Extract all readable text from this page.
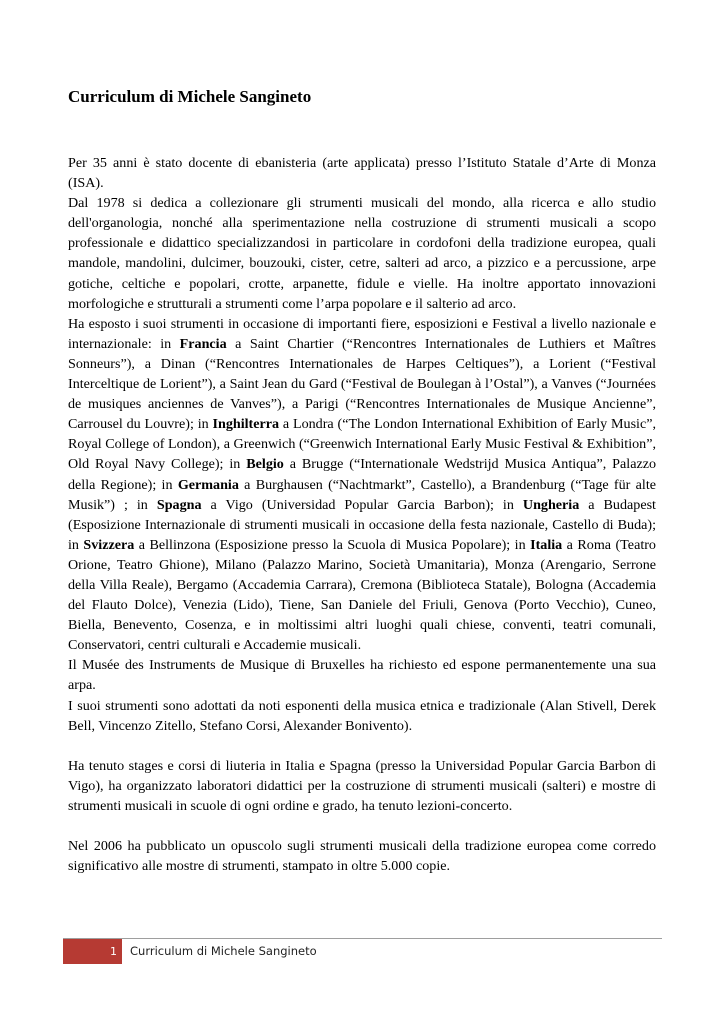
Curriculum di Michele Sangineto

Per 35 anni è stato docente di ebanisteria (arte applicata) presso l’Istituto Statale d’Arte di Monza (ISA).

Dal 1978 si dedica a collezionare gli strumenti musicali del mondo, alla ricerca e allo studio dell'organologia, nonché alla sperimentazione nella costruzione di strumenti musicali a scopo professionale e didattico specializzandosi in particolare in cordofoni della tradizione europea, quali mandole, mandolini, dulcimer, bouzouki, cister, cetre, salteri ad arco, a pizzico e a percussione, arpe gotiche, celtiche e popolari, crotte, arpanette, fidule e vielle. Ha inoltre apportato innovazioni morfologiche e strutturali a strumenti come l’arpa popolare e il salterio ad arco.

Ha esposto i suoi strumenti in occasione di importanti fiere, esposizioni e Festival a livello nazionale e internazionale: in Francia a Saint Chartier (“Rencontres Internationales de Luthiers et Maîtres Sonneurs”), a Dinan (“Rencontres Internationales de Harpes Celtiques”), a Lorient (“Festival Interceltique de Lorient”), a Saint Jean du Gard (“Festival de Boulegan à l’Ostal”), a Vanves (“Journées de musiques anciennes de Vanves”), a Parigi (“Rencontres Internationales de Musique Ancienne”, Carrousel du Louvre); in Inghilterra a Londra (“The London International Exhibition of Early Music”, Royal College of London), a Greenwich (“Greenwich International Early Music Festival & Exhibition”, Old Royal Navy College); in Belgio a Brugge (“Internationale Wedstrijd Musica Antiqua”, Palazzo della Regione); in Germania a Burghausen (“Nachtmarkt”, Castello), a Brandenburg (“Tage für alte Musik”) ; in Spagna a Vigo (Universidad Popular Garcia Barbon); in Ungheria a Budapest (Esposizione Internazionale di strumenti musicali in occasione della festa nazionale, Castello di Buda); in Svizzera a Bellinzona (Esposizione presso la Scuola di Musica Popolare); in Italia a Roma (Teatro Orione, Teatro Ghione), Milano (Palazzo Marino, Società Umanitaria), Monza (Arengario, Serrone della Villa Reale), Bergamo (Accademia Carrara), Cremona (Biblioteca Statale), Bologna (Accademia del Flauto Dolce), Venezia (Lido), Tiene, San Daniele del Friuli, Genova (Porto Vecchio), Cuneo, Biella, Benevento, Cosenza, e in moltissimi altri luoghi quali chiese, conventi, teatri comunali, Conservatori, centri culturali e Accademie musicali.

Il Musée des Instruments de Musique di Bruxelles ha richiesto ed espone permanentemente una sua arpa.

I suoi strumenti sono adottati da noti esponenti della musica etnica e tradizionale (Alan Stivell, Derek Bell, Vincenzo Zitello, Stefano Corsi, Alexander Bonivento).

Ha tenuto stages e corsi di liuteria in Italia e Spagna (presso la Universidad Popular Garcia Barbon di Vigo), ha organizzato laboratori didattici per la costruzione di strumenti musicali (salteri) e mostre di strumenti musicali in scuole di ogni ordine e grado, ha tenuto lezioni-concerto.

Nel 2006 ha pubblicato un opuscolo sugli strumenti musicali della tradizione europea come corredo significativo alle mostre di strumenti, stampato in oltre 5.000 copie.

1	Curriculum di Michele Sangineto
